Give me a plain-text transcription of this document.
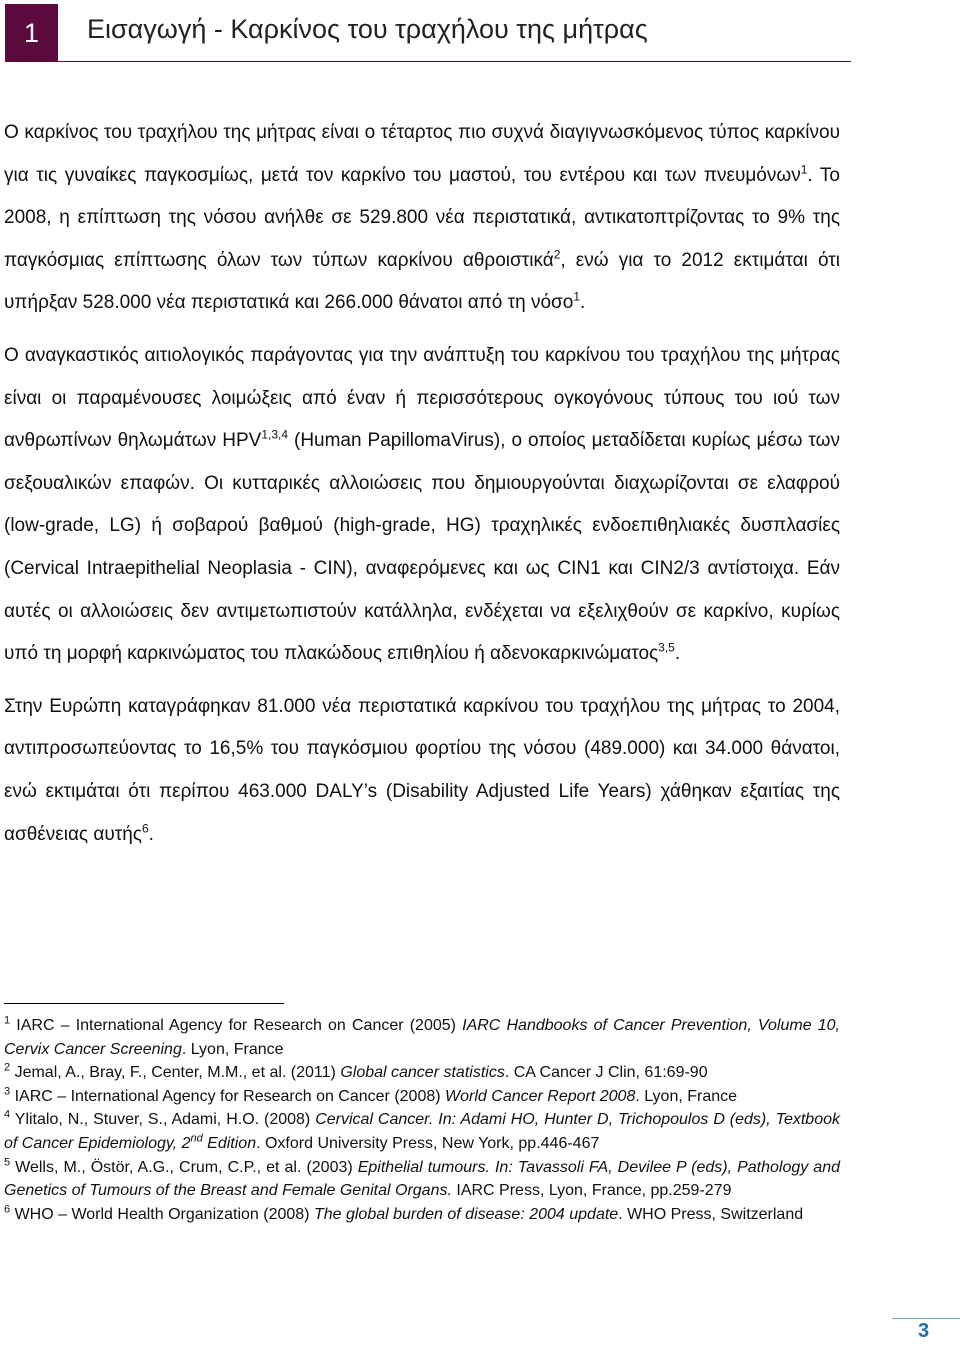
1	Εισαγωγή - Καρκίνος του τραχήλου της μήτρας

Ο καρκίνος του τραχήλου της μήτρας είναι ο τέταρτος πιο συχνά διαγιγνωσκόμενος τύπος καρκίνου για τις γυναίκες παγκοσμίως, μετά τον καρκίνο του μαστού, του εντέρου και των πνευμόνων$^1$. Το 2008, η επίπτωση της νόσου ανήλθε σε 529.800 νέα περιστατικά, αντικατοπτρίζοντας το 9% της παγκόσμιας επίπτωσης όλων των τύπων καρκίνου αθροιστικά$^2$, ενώ για το 2012 εκτιμάται ότι υπήρξαν 528.000 νέα περιστατικά και 266.000 θάνατοι από τη νόσο$^1$.

Ο αναγκαστικός αιτιολογικός παράγοντας για την ανάπτυξη του καρκίνου του τραχήλου της μήτρας είναι οι παραμένουσες λοιμώξεις από έναν ή περισσότερους ογκογόνους τύπους του ιού των ανθρωπίνων θηλωμάτων HPV$^{1,3,4}$ (Human PapillomaVirus), ο οποίος μεταδίδεται κυρίως μέσω των σεξουαλικών επαφών. Οι κυτταρικές αλλοιώσεις που δημιουργούνται διαχωρίζονται σε ελαφρού (low-grade, LG) ή σοβαρού βαθμού (high-grade, HG) τραχηλικές ενδοεπιθηλιακές δυσπλασίες (Cervical Intraepithelial Neoplasia - CIN), αναφερόμενες και ως CIN1 και CIN2/3 αντίστοιχα. Εάν αυτές οι αλλοιώσεις δεν αντιμετωπιστούν κατάλληλα, ενδέχεται να εξελιχθούν σε καρκίνο, κυρίως υπό τη μορφή καρκινώματος του πλακώδους επιθηλίου ή αδενοκαρκινώματος$^{3,5}$.

Στην Ευρώπη καταγράφηκαν 81.000 νέα περιστατικά καρκίνου του τραχήλου της μήτρας το 2004, αντιπροσωπεύοντας το 16,5% του παγκόσμιου φορτίου της νόσου (489.000) και 34.000 θάνατοι, ενώ εκτιμάται ότι περίπου 463.000 DALY’s (Disability Adjusted Life Years) χάθηκαν εξαιτίας της ασθένειας αυτής$^6$.

$^1$ IARC – International Agency for Research on Cancer (2005) IARC Handbooks of Cancer Prevention, Volume 10, Cervix Cancer Screening. Lyon, France

$^2$ Jemal, A., Bray, F., Center, M.M., et al. (2011) Global cancer statistics. CA Cancer J Clin, 61:69-90

$^3$ IARC – International Agency for Research on Cancer (2008) World Cancer Report 2008. Lyon, France

$^4$ Ylitalo, N., Stuver, S., Adami, H.O. (2008) Cervical Cancer. In: Adami HO, Hunter D, Trichopoulos D (eds), Textbook of Cancer Epidemiology, 2nd Edition. Oxford University Press, New York, pp.446-467

$^5$ Wells, M., Östör, A.G., Crum, C.P., et al. (2003) Epithelial tumours. In: Tavassoli FA, Devilee P (eds), Pathology and Genetics of Tumours of the Breast and Female Genital Organs. IARC Press, Lyon, France, pp.259-279

$^6$ WHO – World Health Organization (2008) The global burden of disease: 2004 update. WHO Press, Switzerland

3
